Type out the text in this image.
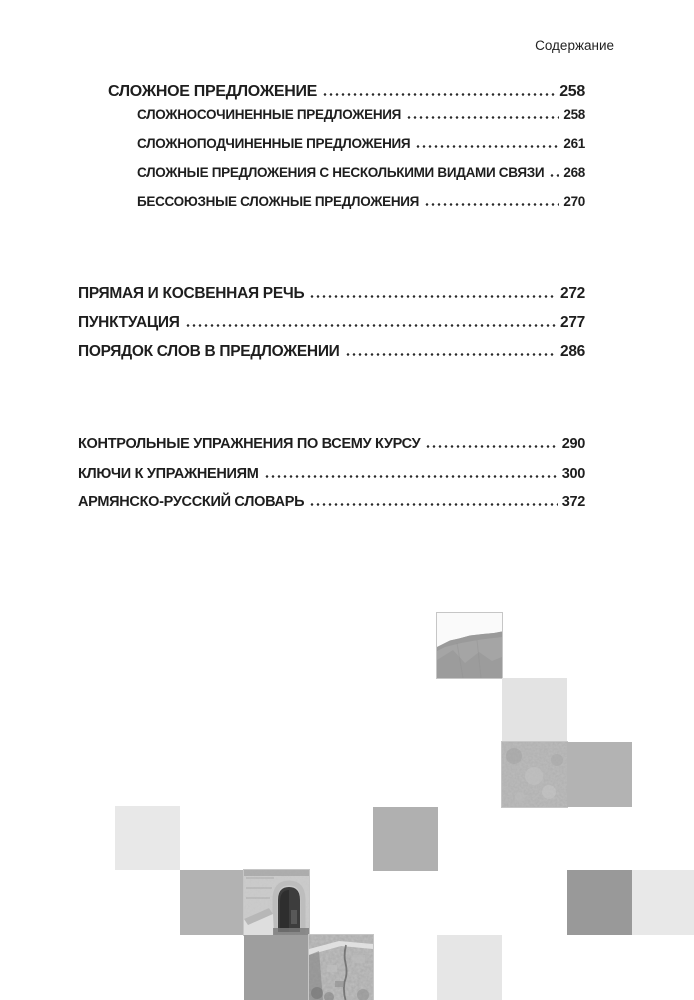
Содержание
СЛОЖНОЕ ПРЕДЛОЖЕНИЕ	258
СЛОЖНОСОЧИНЕННЫЕ ПРЕДЛОЖЕНИЯ	258
СЛОЖНОПОДЧИНЕННЫЕ ПРЕДЛОЖЕНИЯ	261
СЛОЖНЫЕ ПРЕДЛОЖЕНИЯ С НЕСКОЛЬКИМИ ВИДАМИ СВЯЗИ 268
БЕССОЮЗНЫЕ СЛОЖНЫЕ ПРЕДЛОЖЕНИЯ	270
ПРЯМАЯ И КОСВЕННАЯ РЕЧЬ	272
ПУНКТУАЦИЯ	277
ПОРЯДОК СЛОВ В ПРЕДЛОЖЕНИИ	286
КОНТРОЛЬНЫЕ УПРАЖНЕНИЯ ПО ВСЕМУ КУРСУ	290
КЛЮЧИ К УПРАЖНЕНИЯМ	300
АРМЯНСКО-РУССКИЙ СЛОВАРЬ	372
